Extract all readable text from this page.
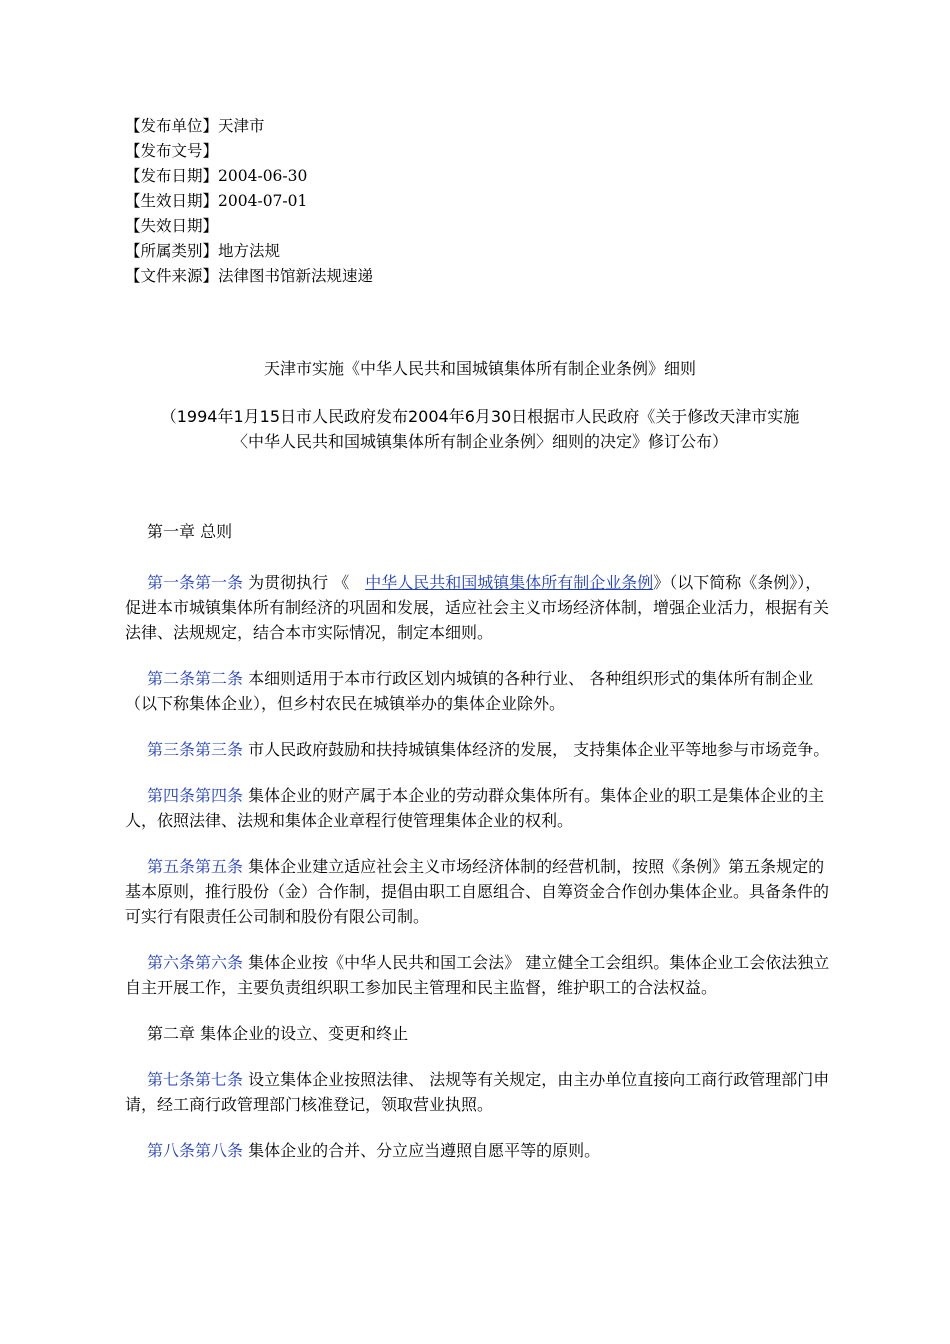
【发布单位】天津市
【发布文号】
【发布日期】2004-06-30
【生效日期】2004-07-01
【失效日期】
【所属类别】地方法规
【文件来源】法律图书馆新法规速递
天津市实施《中华人民共和国城镇集体所有制企业条例》细则
（1994年1月15日市人民政府发布2004年6月30日根据市人民政府《关于修改天津市实施
〈中华人民共和国城镇集体所有制企业条例〉细则的决定》修订公布）

第一章 总则

第一条第一条 为贯彻执行 《　中华人民共和国城镇集体所有制企业条例》（以下简称《条例》），促进本市城镇集体所有制经济的巩固和发展，适应社会主义市场经济体制，增强企业活力，根据有关法律、法规规定，结合本市实际情况，制定本细则。

第二条第二条 本细则适用于本市行政区划内城镇的各种行业、 各种组织形式的集体所有制企业（以下称集体企业），但乡村农民在城镇举办的集体企业除外。

第三条第三条 市人民政府鼓励和扶持城镇集体经济的发展， 支持集体企业平等地参与市场竞争。

第四条第四条 集体企业的财产属于本企业的劳动群众集体所有。集体企业的职工是集体企业的主人，依照法律、法规和集体企业章程行使管理集体企业的权利。

第五条第五条 集体企业建立适应社会主义市场经济体制的经营机制，按照《条例》第五条规定的基本原则，推行股份（金）合作制，提倡由职工自愿组合、自筹资金合作创办集体企业。具备条件的可实行有限责任公司制和股份有限公司制。

第六条第六条 集体企业按《中华人民共和国工会法》 建立健全工会组织。集体企业工会依法独立自主开展工作，主要负责组织职工参加民主管理和民主监督，维护职工的合法权益。

第二章 集体企业的设立、变更和终止

第七条第七条 设立集体企业按照法律、 法规等有关规定，由主办单位直接向工商行政管理部门申请，经工商行政管理部门核准登记，领取营业执照。

第八条第八条 集体企业的合并、分立应当遵照自愿平等的原则。
